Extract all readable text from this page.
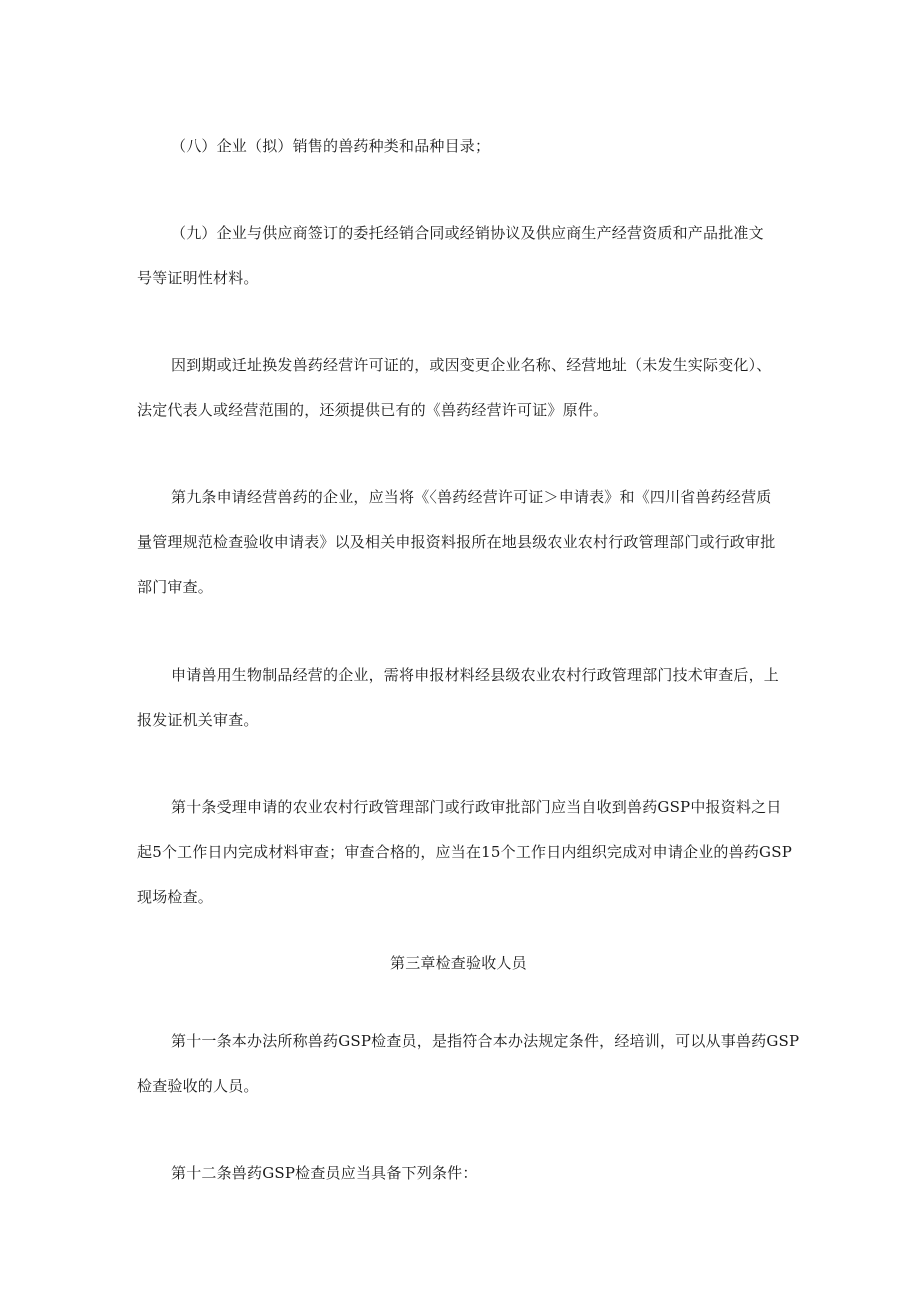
（八）企业（拟）销售的兽药种类和品种目录；
（九）企业与供应商签订的委托经销合同或经销协议及供应商生产经营资质和产品批准文
号等证明性材料。
因到期或迁址换发兽药经营许可证的，或因变更企业名称、经营地址（未发生实际变化）、
法定代表人或经营范围的，还须提供已有的《兽药经营许可证》原件。
第九条申请经营兽药的企业，应当将《〈兽药经营许可证＞申请表》和《四川省兽药经营质
量管理规范检查验收申请表》以及相关申报资料报所在地县级农业农村行政管理部门或行政审批
部门审查。
申请兽用生物制品经营的企业，需将申报材料经县级农业农村行政管理部门技术审查后，上
报发证机关审查。
第十条受理申请的农业农村行政管理部门或行政审批部门应当自收到兽药GSP中报资料之日
起5个工作日内完成材料审查；审查合格的，应当在15个工作日内组织完成对申请企业的兽药GSP
现场检查。
第三章检查验收人员
第十一条本办法所称兽药GSP检查员，是指符合本办法规定条件，经培训，可以从事兽药GSP
检查验收的人员。
第十二条兽药GSP检查员应当具备下列条件：
